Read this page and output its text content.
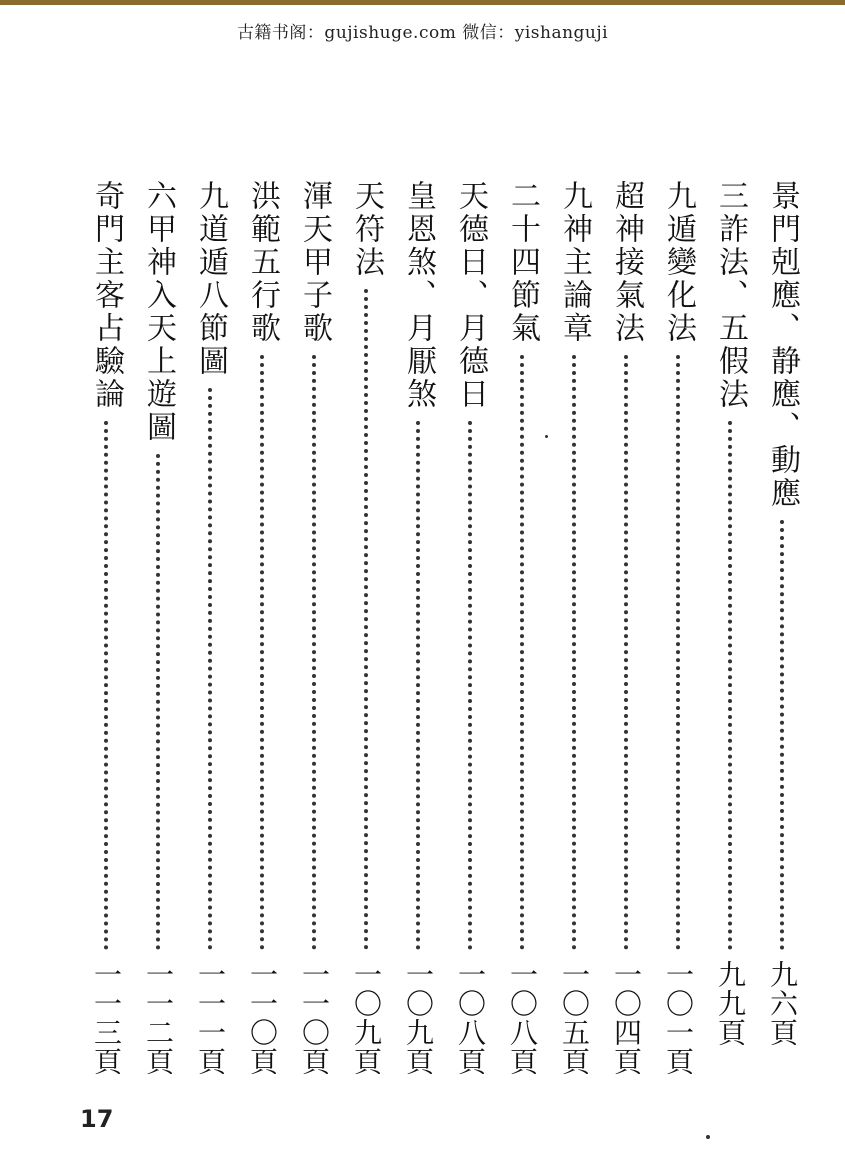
古籍书阁：gujishuge.com 微信：yishanguji
景門剋應、静應、動應
九六頁
三詐法、五假法
九九頁
九遁變化法
一〇一頁
超神接氣法
一〇四頁
九神主論章
一〇五頁
二十四節氣
一〇八頁
天德日、月德日
一〇八頁
皇恩煞、月厭煞
一〇九頁
天符法
一〇九頁
渾天甲子歌
一一〇頁
洪範五行歌
一一〇頁
九道遁八節圖
一一一頁
六甲神入天上遊圖
一一二頁
奇門主客占驗論
一一三頁
17
